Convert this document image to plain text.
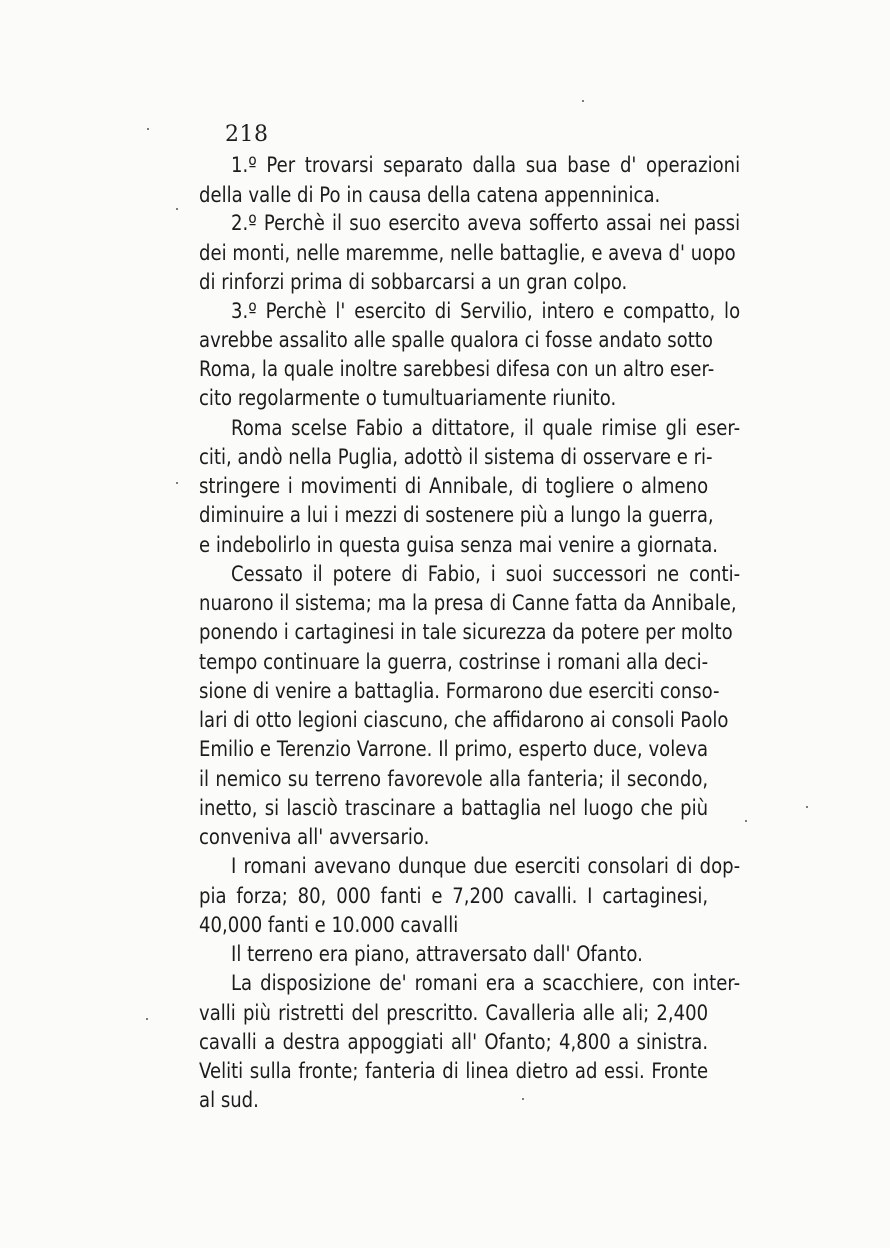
218
1.º Per trovarsi separato dalla sua base d' operazioni
della valle di Po in causa della catena appenninica.
2.º Perchè il suo esercito aveva sofferto assai nei passi
dei monti, nelle maremme, nelle battaglie, e aveva d' uopo
di rinforzi prima di sobbarcarsi a un gran colpo.
3.º Perchè l' esercito di Servilio, intero e compatto, lo
avrebbe assalito alle spalle qualora ci fosse andato sotto
Roma, la quale inoltre sarebbesi difesa con un altro eser-
cito regolarmente o tumultuariamente riunito.
Roma scelse Fabio a dittatore, il quale rimise gli eser-
citi, andò nella Puglia, adottò il sistema di osservare e ri-
stringere i movimenti di Annibale, di togliere o almeno
diminuire a lui i mezzi di sostenere più a lungo la guerra,
e indebolirlo in questa guisa senza mai venire a giornata.
Cessato il potere di Fabio, i suoi successori ne conti-
nuarono il sistema; ma la presa di Canne fatta da Annibale,
ponendo i cartaginesi in tale sicurezza da potere per molto
tempo continuare la guerra, costrinse i romani alla deci-
sione di venire a battaglia. Formarono due eserciti conso-
lari di otto legioni ciascuno, che affidarono ai consoli Paolo
Emilio e Terenzio Varrone. Il primo, esperto duce, voleva
il nemico su terreno favorevole alla fanteria; il secondo,
inetto, si lasciò trascinare a battaglia nel luogo che più
conveniva all' avversario.
I romani avevano dunque due eserciti consolari di dop-
pia forza; 80, 000 fanti e 7,200 cavalli. I cartaginesi,
40,000 fanti e 10.000 cavalli
Il terreno era piano, attraversato dall' Ofanto.
La disposizione de' romani era a scacchiere, con inter-
valli più ristretti del prescritto. Cavalleria alle ali; 2,400
cavalli a destra appoggiati all' Ofanto; 4,800 a sinistra.
Veliti sulla fronte; fanteria di linea dietro ad essi. Fronte
al sud.
